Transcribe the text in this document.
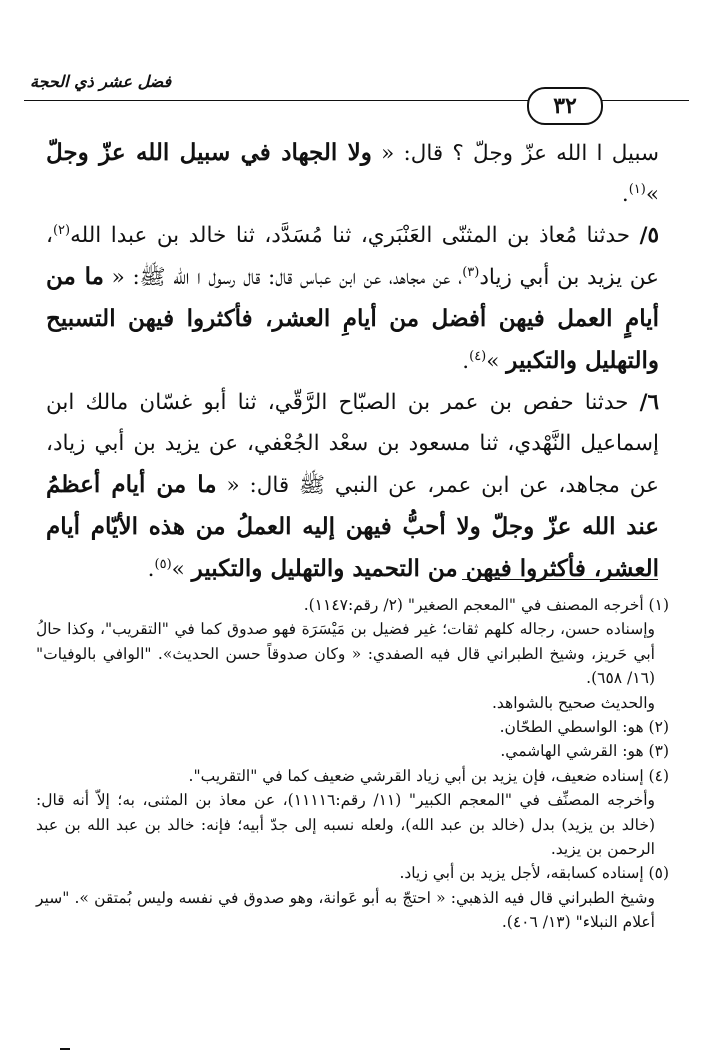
فضل عشر ذي الحجة
٣٢

سبيل ا الله عزّ وجلّ ؟ قال: « ولا الجهاد في سبيل الله عزّ وجلّ »$^{(١)}$.

٥/ حدثنا مُعاذ بن المثنّى العَنْبَري، ثنا مُسَدَّد، ثنا خالد بن عبدا الله$^{(٢)}$، عن يزيد بن أبي زياد$^{(٣)}$، عن مجاهد، عن ابن عباس قال: قال رسول ا الله ﷺ: « ما من أيامٍ العمل فيهن أفضل من أيامِ العشر، فأكثروا فيهن التسبيح والتهليل والتكبير »$^{(٤)}$.

٦/ حدثنا حفص بن عمر بن الصبّاح الرَّقّي، ثنا أبو غسّان مالك ابن إسماعيل النَّهْدي، ثنا مسعود بن سعْد الجُعْفي، عن يزيد بن أبي زياد، عن مجاهد، عن ابن عمر، عن النبي ﷺ قال: « ما من أيام أعظمُ عند الله عزّ وجلّ ولا أحبُّ فيهن إليه العملُ من هذه الأيّام أيام العشر، فأكثروا فيهن من التحميد والتهليل والتكبير »$^{(٥)}$.

(١) أخرجه المصنف في "المعجم الصغير" (٢/ رقم:١١٤٧).

وإسناده حسن، رجاله كلهم ثقات؛ غير فضيل بن مَيْسَرَة فهو صدوق كما في "التقريب"، وكذا حالُ أبي حَريز، وشيخ الطبراني قال فيه الصفدي: « وكان صدوقاً حسن الحديث». "الوافي بالوفيات" (١٦/ ٦٥٨).

والحديث صحيح بالشواهد.

(٢) هو: الواسطي الطحّان.

(٣) هو: القرشي الهاشمي.

(٤) إسناده ضعيف، فإن يزيد بن أبي زياد القرشي ضعيف كما في "التقريب".

وأخرجه المصنِّف في "المعجم الكبير" (١١/ رقم:١١١١٦)، عن معاذ بن المثنى، به؛ إلاّ أنه قال: (خالد بن يزيد) بدل (خالد بن عبد الله)، ولعله نسبه إلى جدّ أبيه؛ فإنه: خالد بن عبد الله بن عبد الرحمن بن يزيد.

(٥) إسناده كسابقه، لأجل يزيد بن أبي زياد.

وشيخ الطبراني قال فيه الذهبي: « احتجّ به أبو عَوانة، وهو صدوق في نفسه وليس بُمتقن ». "سير أعلام النبلاء" (١٣/ ٤٠٦).
